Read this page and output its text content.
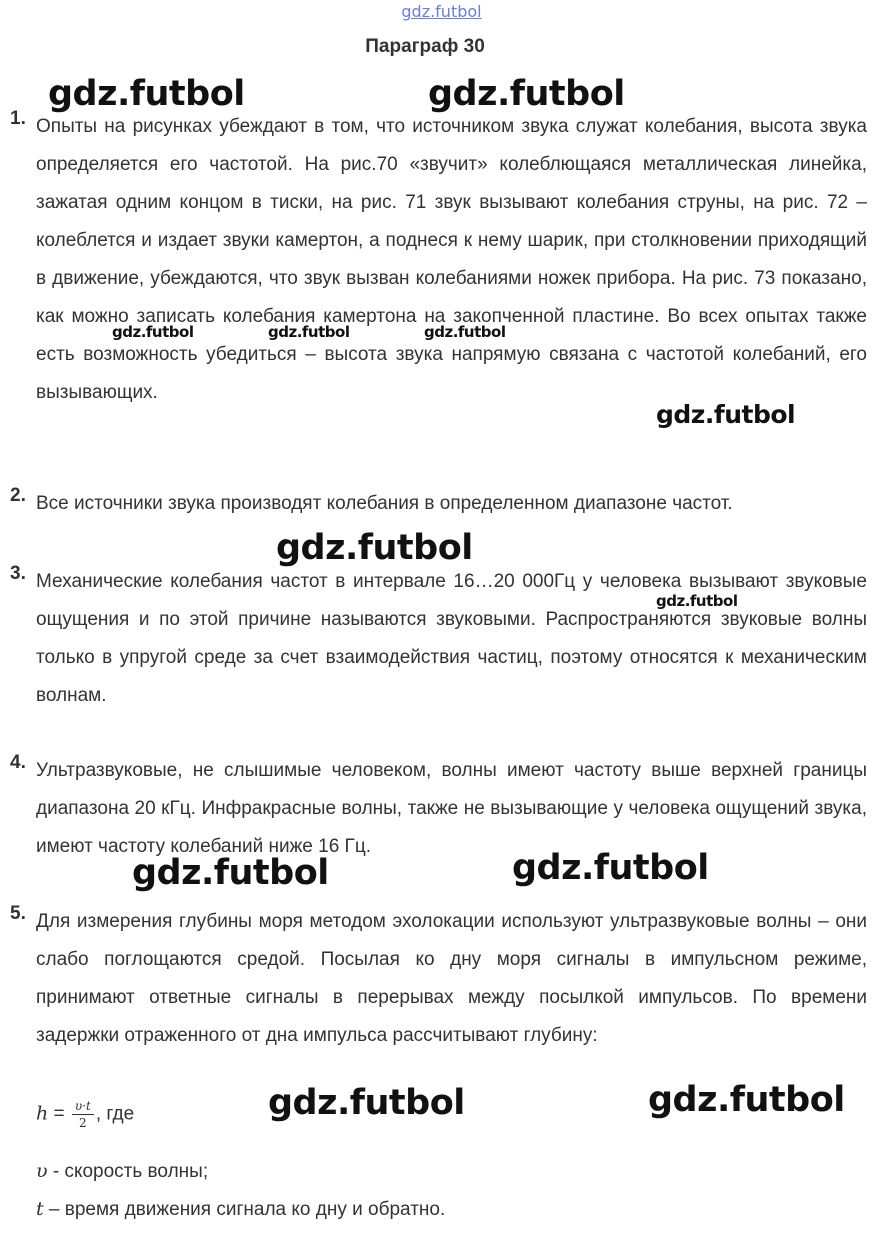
gdz.futbol
Параграф 30
1. Опыты на рисунках убеждают в том, что источником звука служат колебания, высота звука определяется его частотой. На рис.70 «звучит» колеблющаяся металлическая линейка, зажатая одним концом в тиски, на рис. 71 звук вызывают колебания струны, на рис. 72 – колеблется и издает звуки камертон, а поднеся к нему шарик, при столкновении приходящий в движение, убеждаются, что звук вызван колебаниями ножек прибора. На рис. 73 показано, как можно записать колебания камертона на закопченной пластине. Во всех опытах также есть возможность убедиться – высота звука напрямую связана с частотой колебаний, его вызывающих.

2. Все источники звука производят колебания в определенном диапазоне частот.

3. Механические колебания частот в интервале 16…20 000Гц у человека вызывают звуковые ощущения и по этой причине называются звуковыми. Распространяются звуковые волны только в упругой среде за счет взаимодействия частиц, поэтому относятся к механическим волнам.

4. Ультразвуковые, не слышимые человеком, волны имеют частоту выше верхней границы диапазона 20 кГц. Инфракрасные волны, также не вызывающие у человека ощущений звука, имеют частоту колебаний ниже 16 Гц.

5. Для измерения глубины моря методом эхолокации используют ультразвуковые волны – они слабо поглощаются средой. Посылая ко дну моря сигналы в импульсном режиме, принимают ответные сигналы в перерывах между посылкой импульсов. По времени задержки отраженного от дна импульса рассчитывают глубину:

$h = \frac{\upsilon\cdot t}{2}$ , где
υ - скорость волны;
t – время движения сигнала ко дну и обратно.
gdz.futbol	gdz.futbol
gdz.futbol	gdz.futbol	gdz.futbol
gdz.futbol
gdz.futbol
gdz.futbol
gdz.futbol	gdz.futbol
gdz.futbol	gdz.futbol
